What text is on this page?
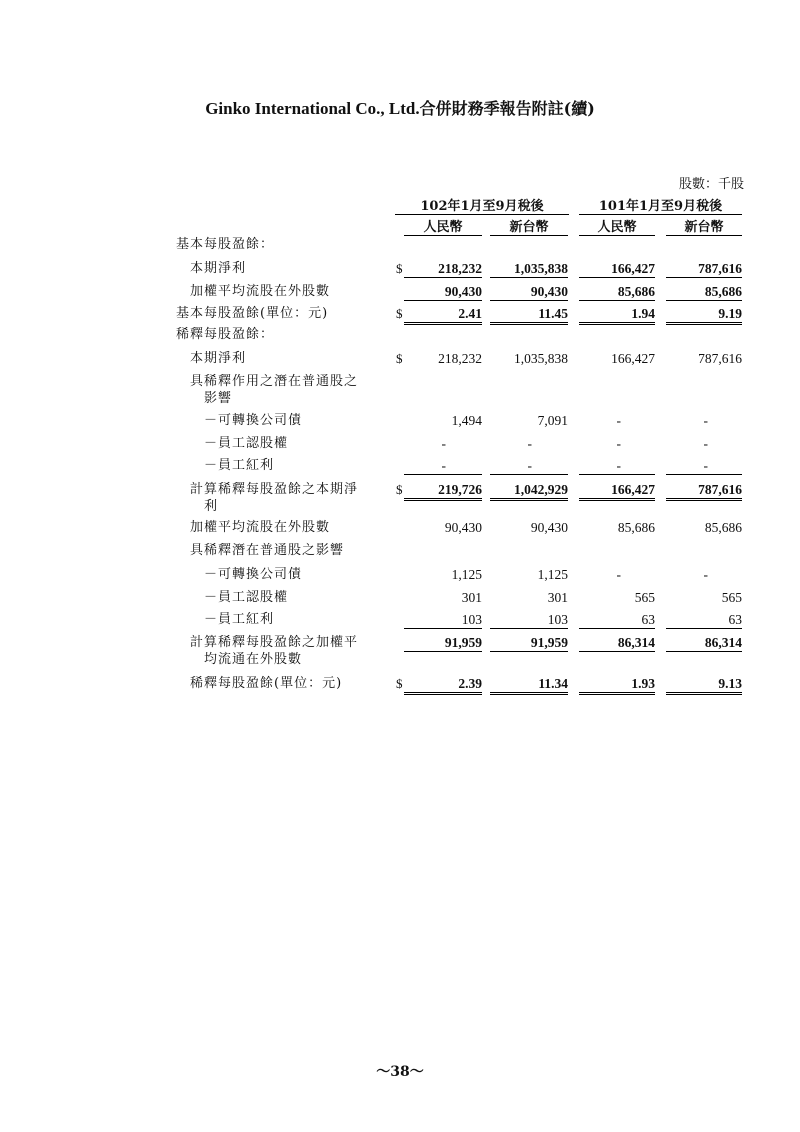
Ginko International Co., Ltd.合併財務季報告附註(續)
股數：千股
102年1月至9月稅後	101年1月至9月稅後
人民幣	新台幣	人民幣	新台幣
基本每股盈餘：
本期淨利	$	218,232	1,035,838	166,427	787,616
加權平均流股在外股數	90,430	90,430	85,686	85,686
基本每股盈餘(單位：元)	$	2.41	11.45	1.94	9.19
稀釋每股盈餘：
本期淨利	$	218,232	1,035,838	166,427	787,616
具稀釋作用之潛在普通股之
影響
－可轉換公司債	1,494	7,091	-	-
－員工認股權	-	-	-	-
－員工紅利	-	-	-	-
計算稀釋每股盈餘之本期淨
利
$	219,726	1,042,929	166,427	787,616
加權平均流股在外股數	90,430	90,430	85,686	85,686
具稀釋潛在普通股之影響
－可轉換公司債	1,125	1,125	-	-
－員工認股權	301	301	565	565
－員工紅利	103	103	63	63
計算稀釋每股盈餘之加權平
均流通在外股數
91,959	91,959	86,314	86,314
稀釋每股盈餘(單位：元)	$	2.39	11.34	1.93	9.13
～38～
